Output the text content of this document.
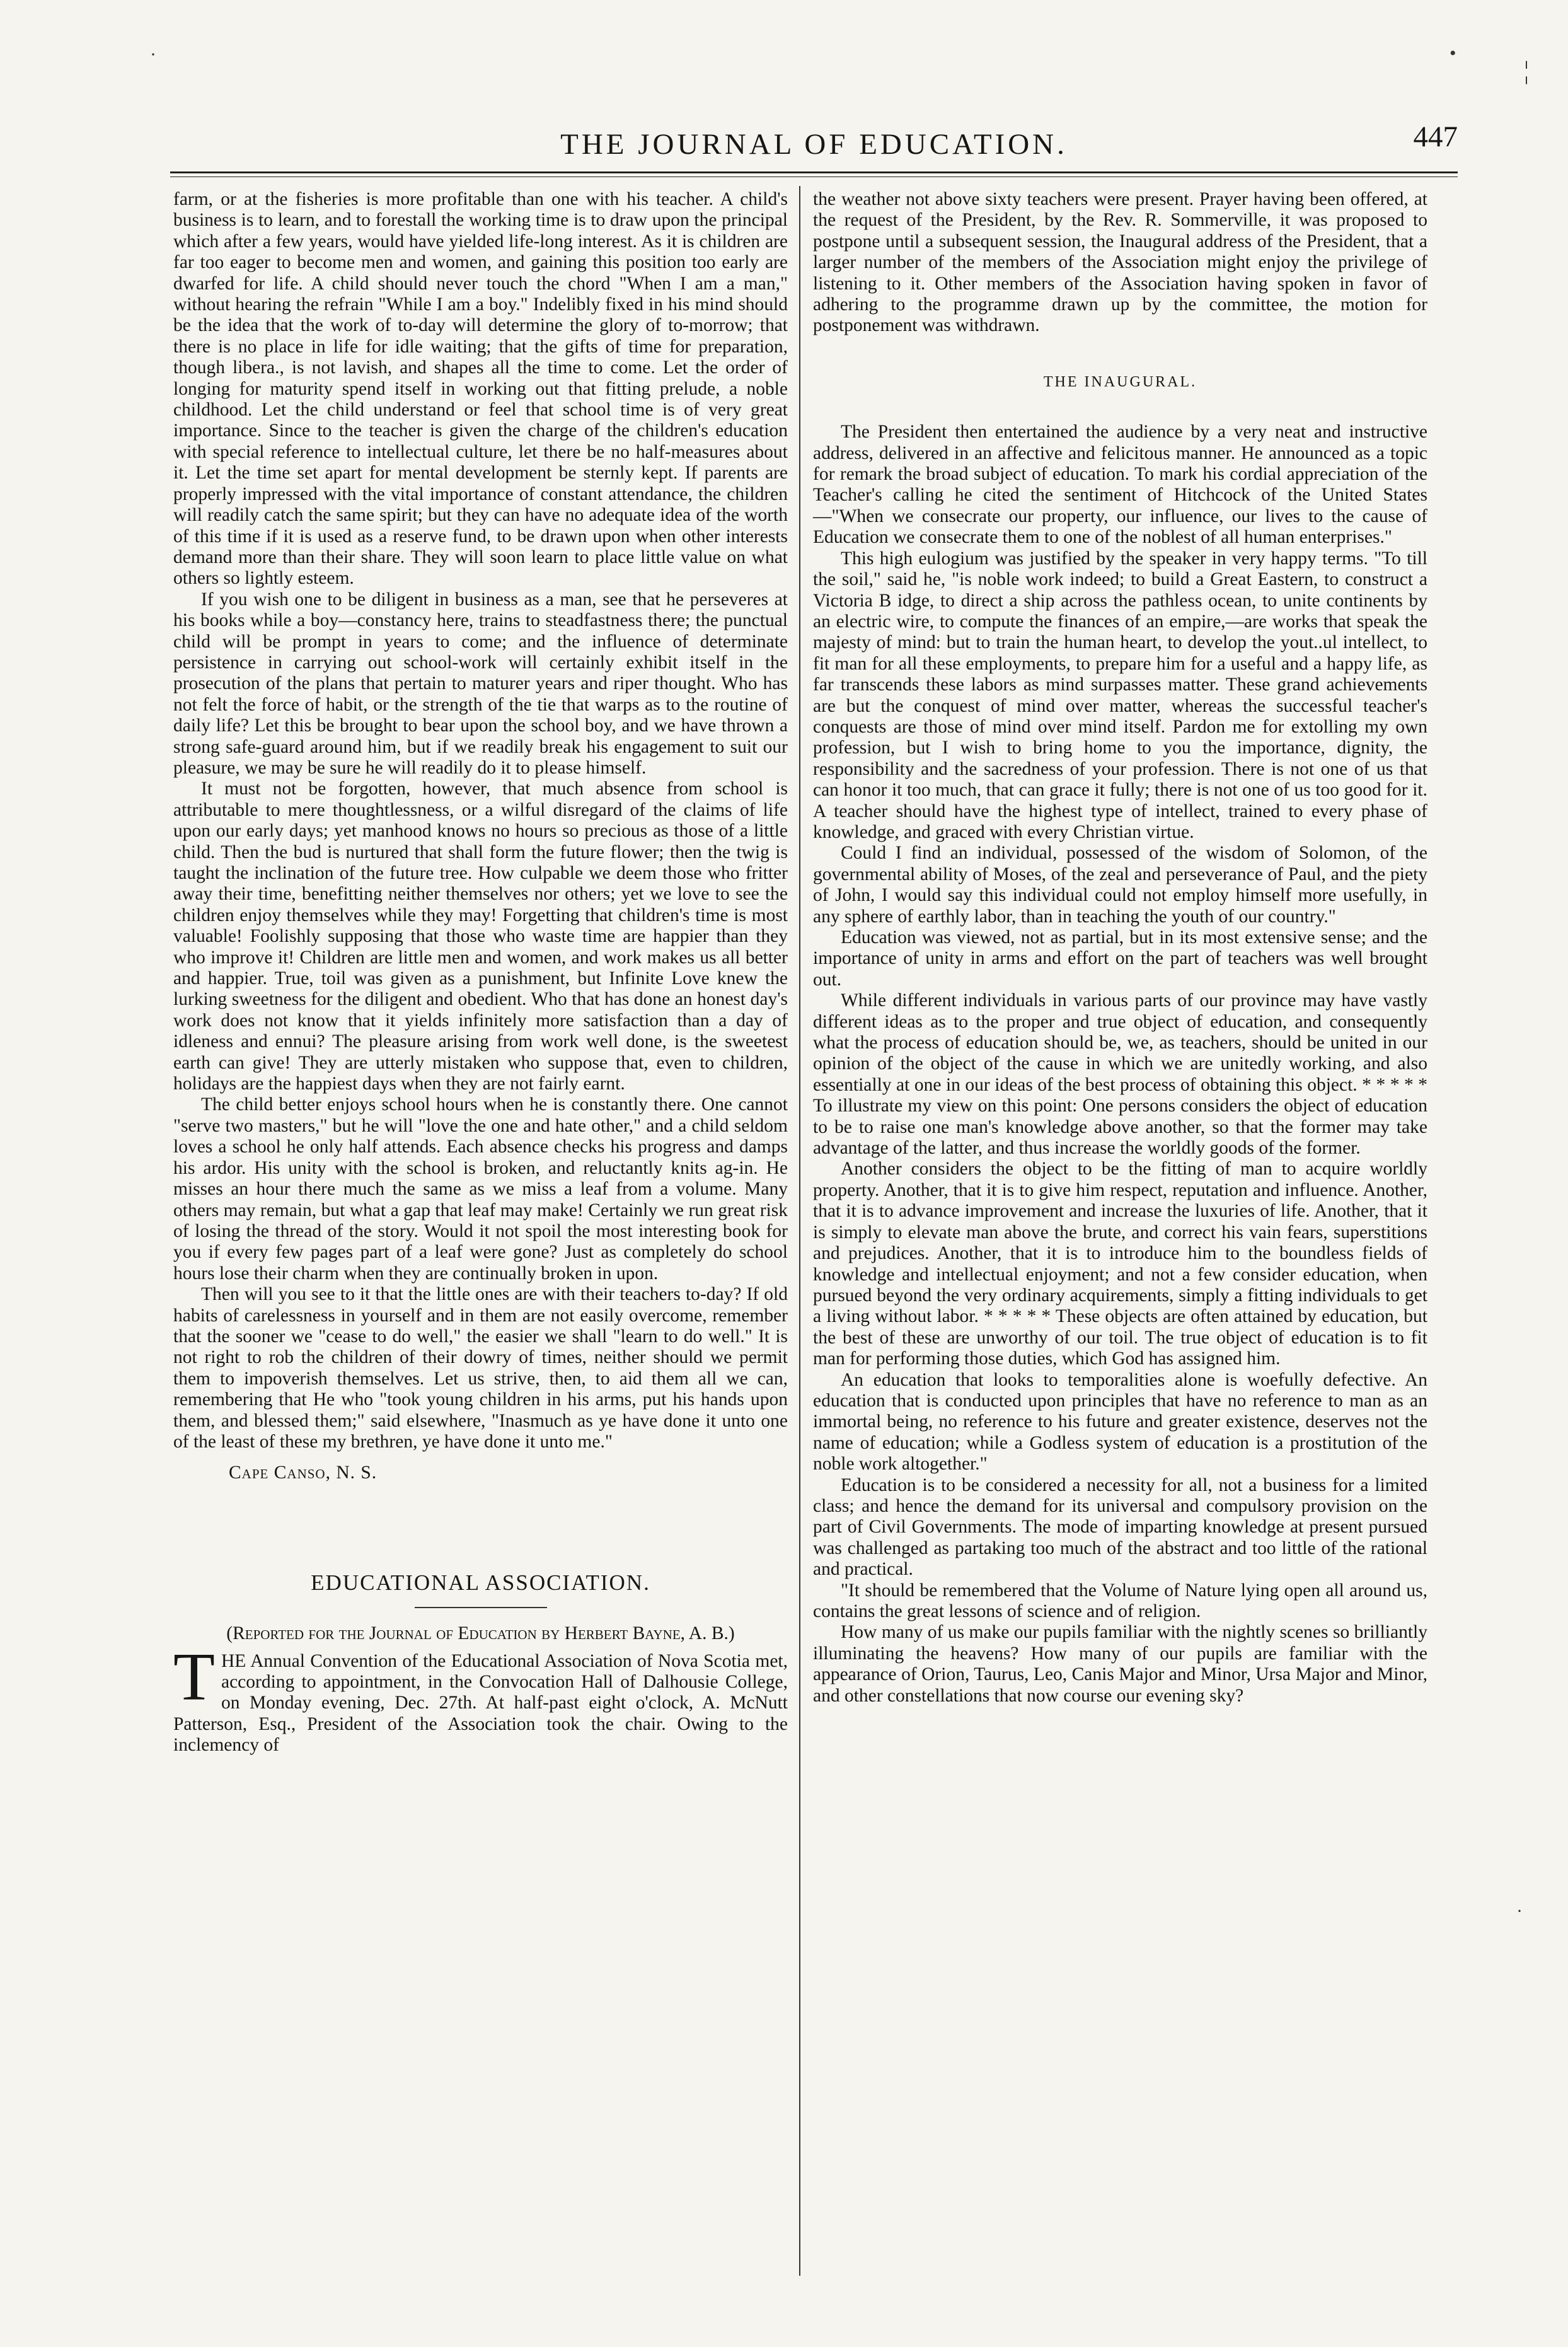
·	•
¦
·
THE JOURNAL OF EDUCATION.	447

farm, or at the fisheries is more profitable than one with his teacher. A child's business is to learn, and to forestall the working time is to draw upon the principal which after a few years, would have yielded life-long interest. As it is children are far too eager to become men and women, and gaining this position too early are dwarfed for life. A child should never touch the chord "When I am a man," without hearing the refrain "While I am a boy." Indelibly fixed in his mind should be the idea that the work of to-day will determine the glory of to-morrow; that there is no place in life for idle waiting; that the gifts of time for preparation, though libera., is not lavish, and shapes all the time to come. Let the order of longing for maturity spend itself in working out that fitting prelude, a noble childhood. Let the child understand or feel that school time is of very great importance. Since to the teacher is given the charge of the children's education with special reference to intellectual culture, let there be no half-measures about it. Let the time set apart for mental development be sternly kept. If parents are properly impressed with the vital importance of constant attendance, the children will readily catch the same spirit; but they can have no adequate idea of the worth of this time if it is used as a reserve fund, to be drawn upon when other interests demand more than their share. They will soon learn to place little value on what others so lightly esteem.

If you wish one to be diligent in business as a man, see that he perseveres at his books while a boy—constancy here, trains to steadfastness there; the punctual child will be prompt in years to come; and the influence of determinate persistence in carrying out school-work will certainly exhibit itself in the prosecution of the plans that pertain to maturer years and riper thought. Who has not felt the force of habit, or the strength of the tie that warps as to the routine of daily life? Let this be brought to bear upon the school boy, and we have thrown a strong safe-guard around him, but if we readily break his engagement to suit our pleasure, we may be sure he will readily do it to please himself.

It must not be forgotten, however, that much absence from school is attributable to mere thoughtlessness, or a wilful disregard of the claims of life upon our early days; yet manhood knows no hours so precious as those of a little child. Then the bud is nurtured that shall form the future flower; then the twig is taught the inclination of the future tree. How culpable we deem those who fritter away their time, benefitting neither themselves nor others; yet we love to see the children enjoy themselves while they may! Forgetting that children's time is most valuable! Foolishly supposing that those who waste time are happier than they who improve it! Children are little men and women, and work makes us all better and happier. True, toil was given as a punishment, but Infinite Love knew the lurking sweetness for the diligent and obedient. Who that has done an honest day's work does not know that it yields infinitely more satisfaction than a day of idleness and ennui? The pleasure arising from work well done, is the sweetest earth can give! They are utterly mistaken who suppose that, even to children, holidays are the happiest days when they are not fairly earnt.

The child better enjoys school hours when he is constantly there. One cannot "serve two masters," but he will "love the one and hate other," and a child seldom loves a school he only half attends. Each absence checks his progress and damps his ardor. His unity with the school is broken, and reluctantly knits ag-in. He misses an hour there much the same as we miss a leaf from a volume. Many others may remain, but what a gap that leaf may make! Certainly we run great risk of losing the thread of the story. Would it not spoil the most interesting book for you if every few pages part of a leaf were gone? Just as completely do school hours lose their charm when they are continually broken in upon.

Then will you see to it that the little ones are with their teachers to-day? If old habits of carelessness in yourself and in them are not easily overcome, remember that the sooner we "cease to do well," the easier we shall "learn to do well." It is not right to rob the children of their dowry of times, neither should we permit them to impoverish themselves. Let us strive, then, to aid them all we can, remembering that He who "took young children in his arms, put his hands upon them, and blessed them;" said elsewhere, "Inasmuch as ye have done it unto one of the least of these my brethren, ye have done it unto me."

Cape Canso, N. S.

EDUCATIONAL ASSOCIATION.

(Reported for the Journal of Education by Herbert Bayne, A. B.)

THE Annual Convention of the Educational Association of Nova Scotia met, according to appointment, in the Convocation Hall of Dalhousie College, on Monday evening, Dec. 27th. At half-past eight o'clock, A. McNutt Patterson, Esq., President of the Association took the chair. Owing to the inclemency of

the weather not above sixty teachers were present. Prayer having been offered, at the request of the President, by the Rev. R. Sommerville, it was proposed to postpone until a subsequent session, the Inaugural address of the President, that a larger number of the members of the Association might enjoy the privilege of listening to it. Other members of the Association having spoken in favor of adhering to the programme drawn up by the committee, the motion for postponement was withdrawn.

THE INAUGURAL.

The President then entertained the audience by a very neat and instructive address, delivered in an affective and felicitous manner. He announced as a topic for remark the broad subject of education. To mark his cordial appreciation of the Teacher's calling he cited the sentiment of Hitchcock of the United States—"When we consecrate our property, our influence, our lives to the cause of Education we consecrate them to one of the noblest of all human enterprises."

This high eulogium was justified by the speaker in very happy terms. "To till the soil," said he, "is noble work indeed; to build a Great Eastern, to construct a Victoria B idge, to direct a ship across the pathless ocean, to unite continents by an electric wire, to compute the finances of an empire,—are works that speak the majesty of mind: but to train the human heart, to develop the yout..ul intellect, to fit man for all these employments, to prepare him for a useful and a happy life, as far transcends these labors as mind surpasses matter. These grand achievements are but the conquest of mind over matter, whereas the successful teacher's conquests are those of mind over mind itself. Pardon me for extolling my own profession, but I wish to bring home to you the importance, dignity, the responsibility and the sacredness of your profession. There is not one of us that can honor it too much, that can grace it fully; there is not one of us too good for it. A teacher should have the highest type of intellect, trained to every phase of knowledge, and graced with every Christian virtue.

Could I find an individual, possessed of the wisdom of Solomon, of the governmental ability of Moses, of the zeal and perseverance of Paul, and the piety of John, I would say this individual could not employ himself more usefully, in any sphere of earthly labor, than in teaching the youth of our country."

Education was viewed, not as partial, but in its most extensive sense; and the importance of unity in arms and effort on the part of teachers was well brought out.

While different individuals in various parts of our province may have vastly different ideas as to the proper and true object of education, and consequently what the process of education should be, we, as teachers, should be united in our opinion of the object of the cause in which we are unitedly working, and also essentially at one in our ideas of the best process of obtaining this object. * * * * * To illustrate my view on this point: One persons considers the object of education to be to raise one man's knowledge above another, so that the former may take advantage of the latter, and thus increase the worldly goods of the former.

Another considers the object to be the fitting of man to acquire worldly property. Another, that it is to give him respect, reputation and influence. Another, that it is to advance improvement and increase the luxuries of life. Another, that it is simply to elevate man above the brute, and correct his vain fears, superstitions and prejudices. Another, that it is to introduce him to the boundless fields of knowledge and intellectual enjoyment; and not a few consider education, when pursued beyond the very ordinary acquirements, simply a fitting individuals to get a living without labor. * * * * * These objects are often attained by education, but the best of these are unworthy of our toil. The true object of education is to fit man for performing those duties, which God has assigned him.

An education that looks to temporalities alone is woefully defective. An education that is conducted upon principles that have no reference to man as an immortal being, no reference to his future and greater existence, deserves not the name of education; while a Godless system of education is a prostitution of the noble work altogether."

Education is to be considered a necessity for all, not a business for a limited class; and hence the demand for its universal and compulsory provision on the part of Civil Governments. The mode of imparting knowledge at present pursued was challenged as partaking too much of the abstract and too little of the rational and practical.

"It should be remembered that the Volume of Nature lying open all around us, contains the great lessons of science and of religion.

How many of us make our pupils familiar with the nightly scenes so brilliantly illuminating the heavens? How many of our pupils are familiar with the appearance of Orion, Taurus, Leo, Canis Major and Minor, Ursa Major and Minor, and other constellations that now course our evening sky?
